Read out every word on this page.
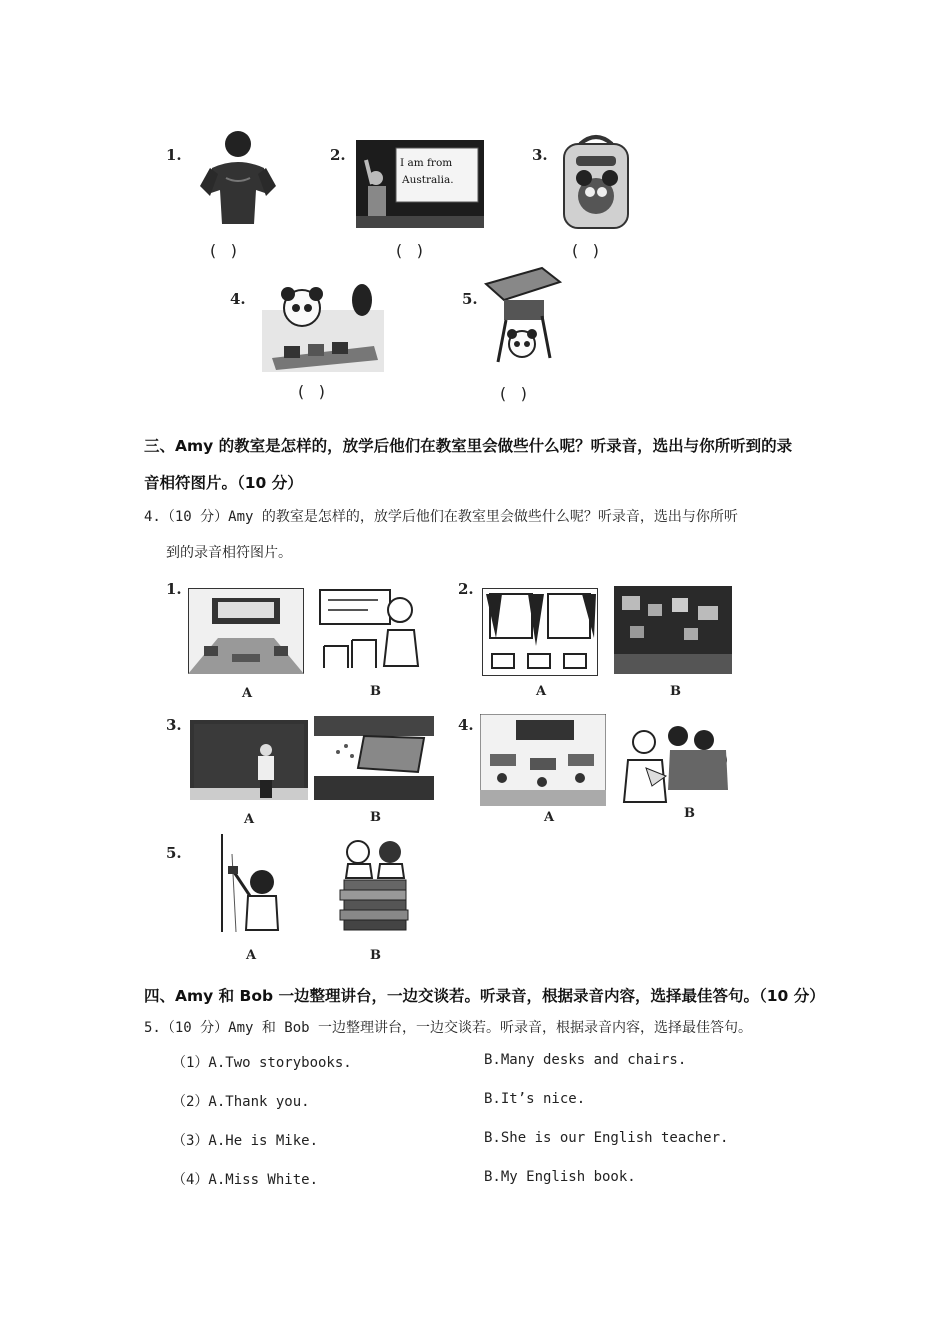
1.
( )
2.	I am from
Australia.
( )
3.
( )
4.
( )
5.
( )
三、Amy 的教室是怎样的，放学后他们在教室里会做些什么呢？听录音，选出与你所听到的录
音相符图片。（10 分）
4.（10 分）Amy 的教室是怎样的，放学后他们在教室里会做些什么呢？听录音，选出与你所听
到的录音相符图片。
1.
A	B
2.
A	B
3.
A	B
4.
A	B
5.
A	B
四、Amy 和 Bob 一边整理讲台，一边交谈若。听录音，根据录音内容，选择最佳答句。（10 分）
5.（10 分）Amy 和 Bob 一边整理讲台，一边交谈若。听录音，根据录音内容，选择最佳答句。
（1）A.Two storybooks.	B.Many desks and chairs.
（2）A.Thank you.	B.It’s nice.
（3）A.He is Mike.	B.She is our English teacher.
（4）A.Miss White.	B.My English book.
